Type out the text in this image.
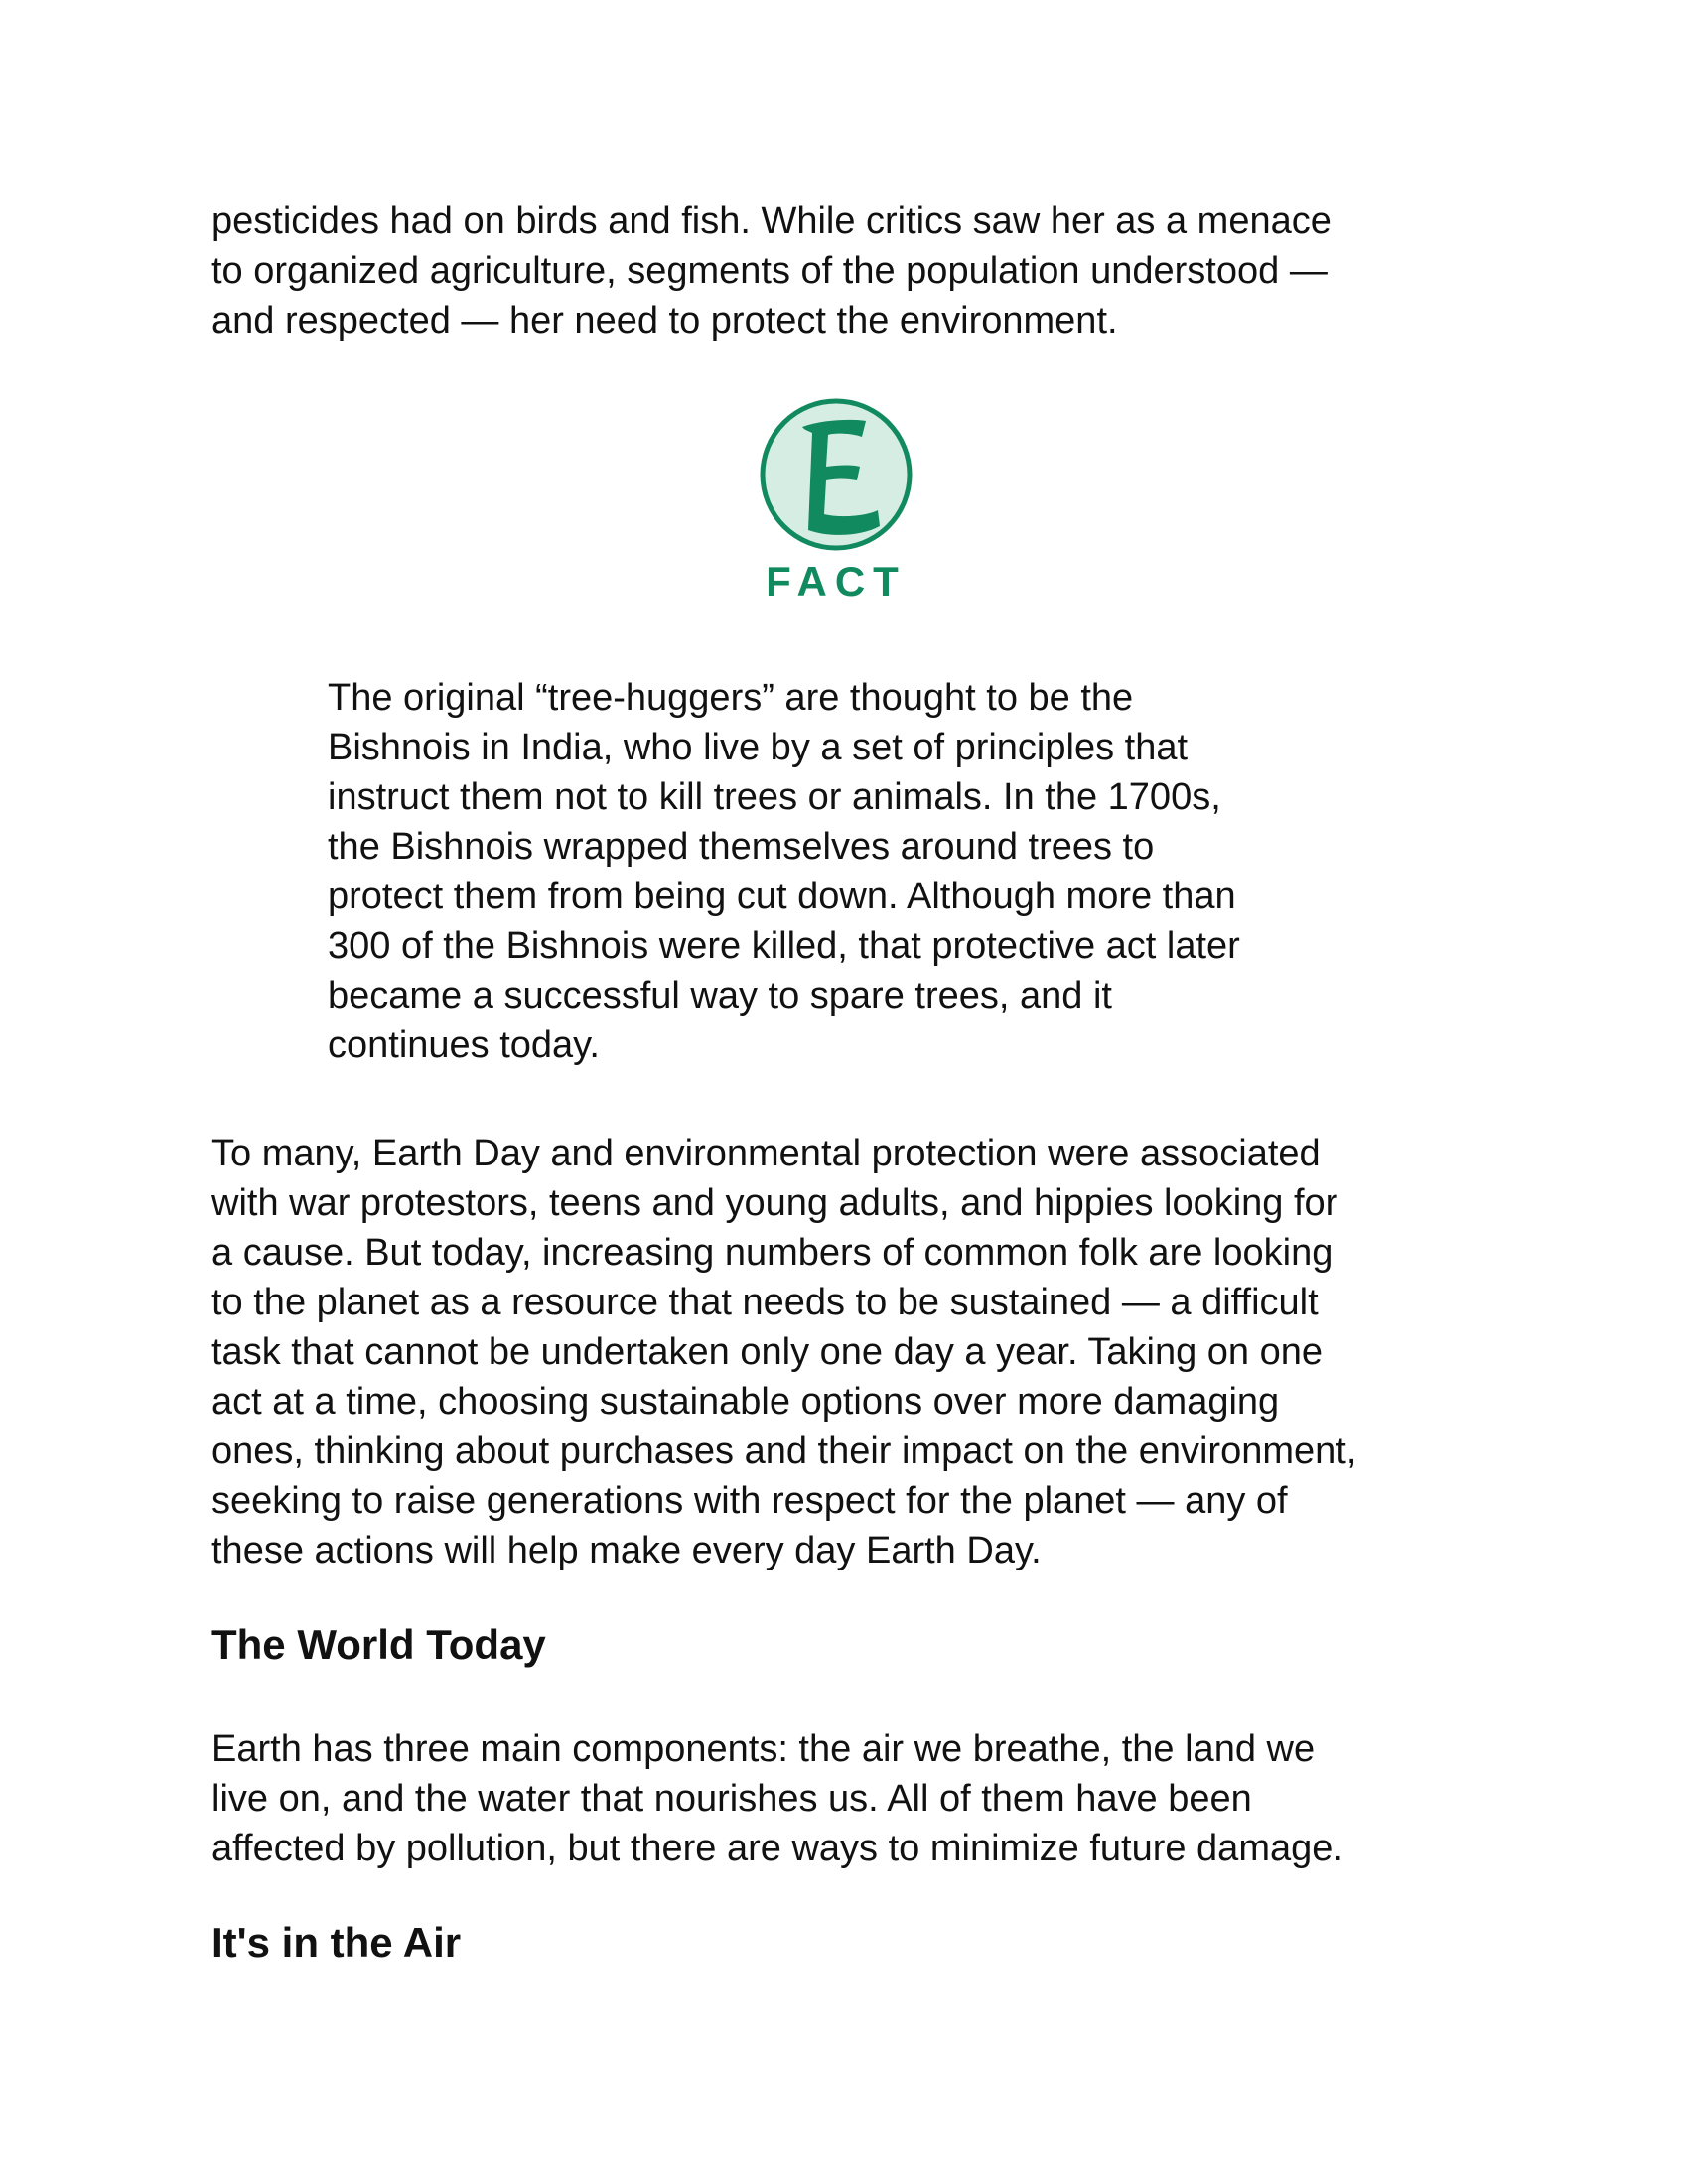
pesticides had on birds and fish. While critics saw her as a menace
to organized agriculture, segments of the population understood —
and respected — her need to protect the environment.
FACT
The original “tree-huggers” are thought to be the
Bishnois in India, who live by a set of principles that
instruct them not to kill trees or animals. In the 1700s,
the Bishnois wrapped themselves around trees to
protect them from being cut down. Although more than
300 of the Bishnois were killed, that protective act later
became a successful way to spare trees, and it
continues today.
To many, Earth Day and environmental protection were associated
with war protestors, teens and young adults, and hippies looking for
a cause. But today, increasing numbers of common folk are looking
to the planet as a resource that needs to be sustained — a difficult
task that cannot be undertaken only one day a year. Taking on one
act at a time, choosing sustainable options over more damaging
ones, thinking about purchases and their impact on the environment,
seeking to raise generations with respect for the planet — any of
these actions will help make every day Earth Day.
The World Today
Earth has three main components: the air we breathe, the land we
live on, and the water that nourishes us. All of them have been
affected by pollution, but there are ways to minimize future damage.
It's in the Air
